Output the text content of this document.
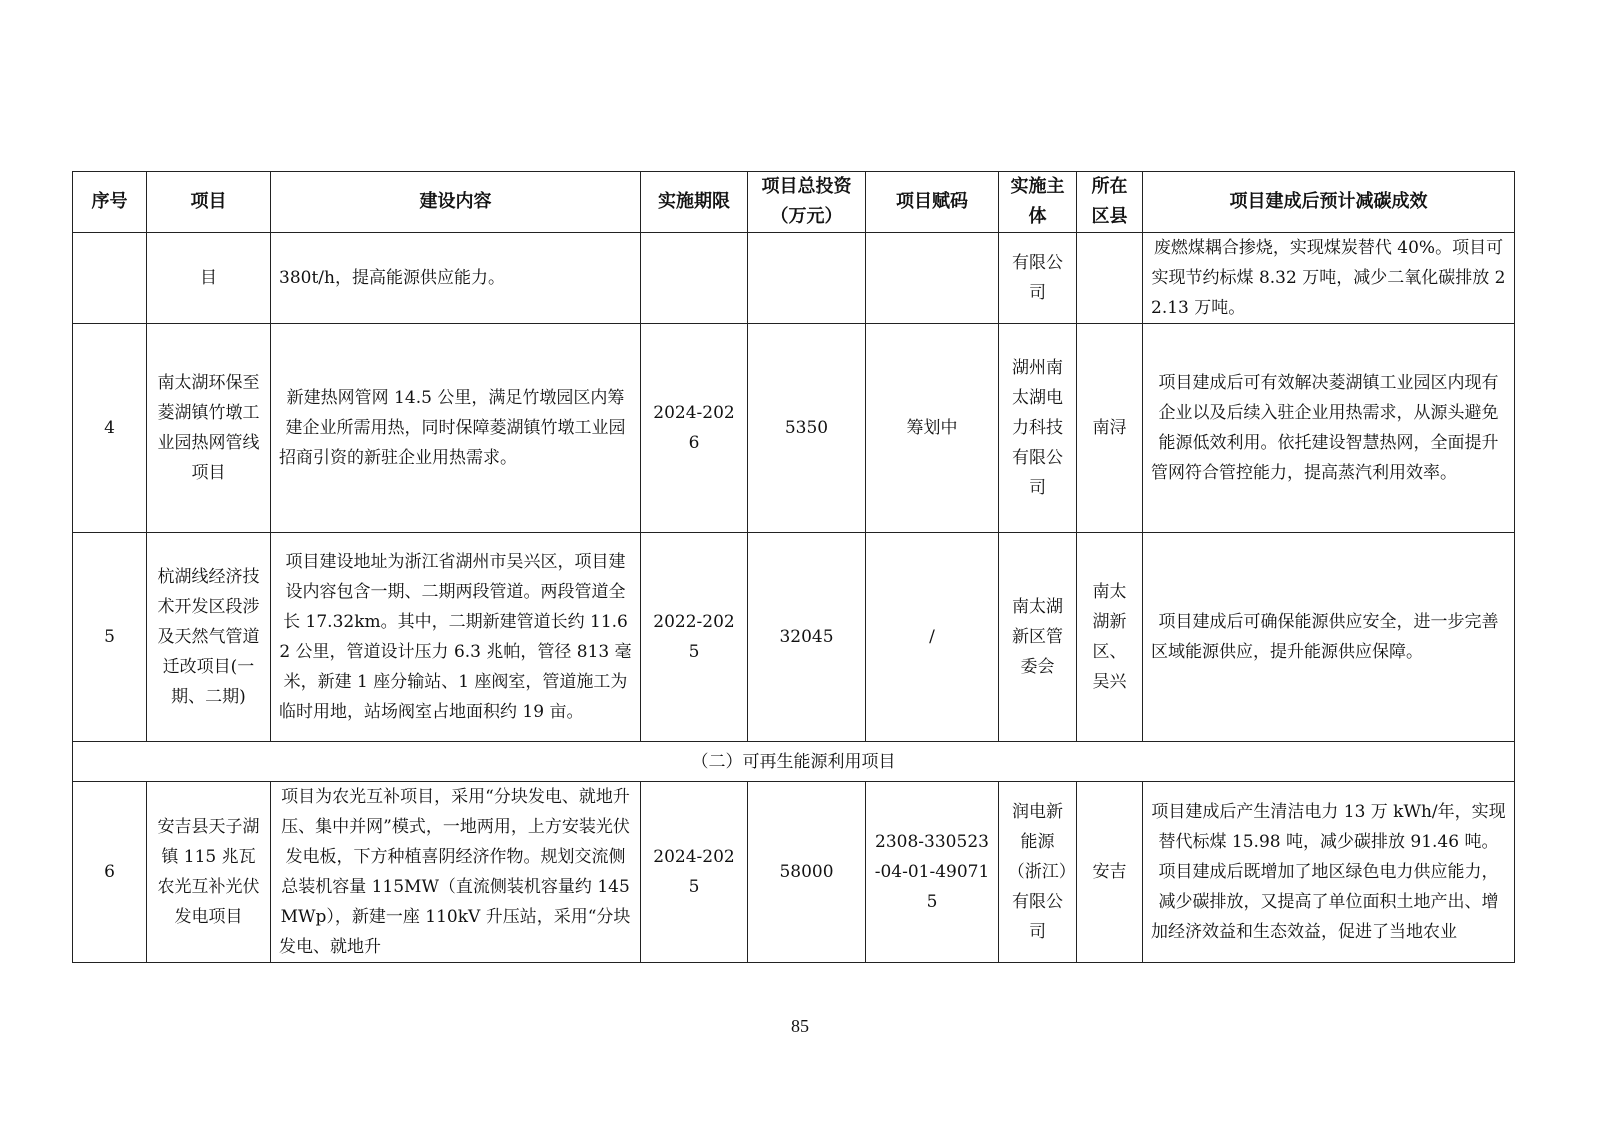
序号	项目	建设内容	实施期限	项目总投资（万元）	项目赋码	实施主体	所在区县	项目建成后预计减碳成效
	目	380t/h，提高能源供应能力。				有限公司		废燃煤耦合掺烧，实现煤炭替代 40%。项目可实现节约标煤 8.32 万吨，减少二氧化碳排放 22.13 万吨。
4	南太湖环保至菱湖镇竹墩工业园热网管线项目	新建热网管网 14.5 公里，满足竹墩园区内筹建企业所需用热，同时保障菱湖镇竹墩工业园招商引资的新驻企业用热需求。	2024-2026	5350	筹划中	湖州南太湖电力科技有限公司	南浔	项目建成后可有效解决菱湖镇工业园区内现有企业以及后续入驻企业用热需求，从源头避免能源低效利用。依托建设智慧热网，全面提升管网符合管控能力，提高蒸汽利用效率。
5	杭湖线经济技术开发区段涉及天然气管道迁改项目(一期、二期)	项目建设地址为浙江省湖州市吴兴区，项目建设内容包含一期、二期两段管道。两段管道全长 17.32km。其中，二期新建管道长约 11.62 公里，管道设计压力 6.3 兆帕，管径 813 毫米，新建 1 座分输站、1 座阀室，管道施工为临时用地，站场阀室占地面积约 19 亩。	2022-2025	32045	/	南太湖新区管委会	南太湖新区、吴兴	项目建成后可确保能源供应安全，进一步完善区域能源供应，提升能源供应保障。
（二）可再生能源利用项目								
6	安吉县天子湖镇 115 兆瓦农光互补光伏发电项目	项目为农光互补项目，采用“分块发电、就地升压、集中并网”模式，一地两用，上方安装光伏发电板，下方种植喜阴经济作物。规划交流侧总装机容量 115MW（直流侧装机容量约 145MWp），新建一座 110kV 升压站，采用“分块发电、就地升	2024-2025	58000	2308-330523-04-01-490715	润电新能源（浙江）有限公司	安吉	项目建成后产生清洁电力 13 万 kWh/年，实现替代标煤 15.98 吨，减少碳排放 91.46 吨。项目建成后既增加了地区绿色电力供应能力，减少碳排放，又提高了单位面积土地产出、增加经济效益和生态效益，促进了当地农业
85
